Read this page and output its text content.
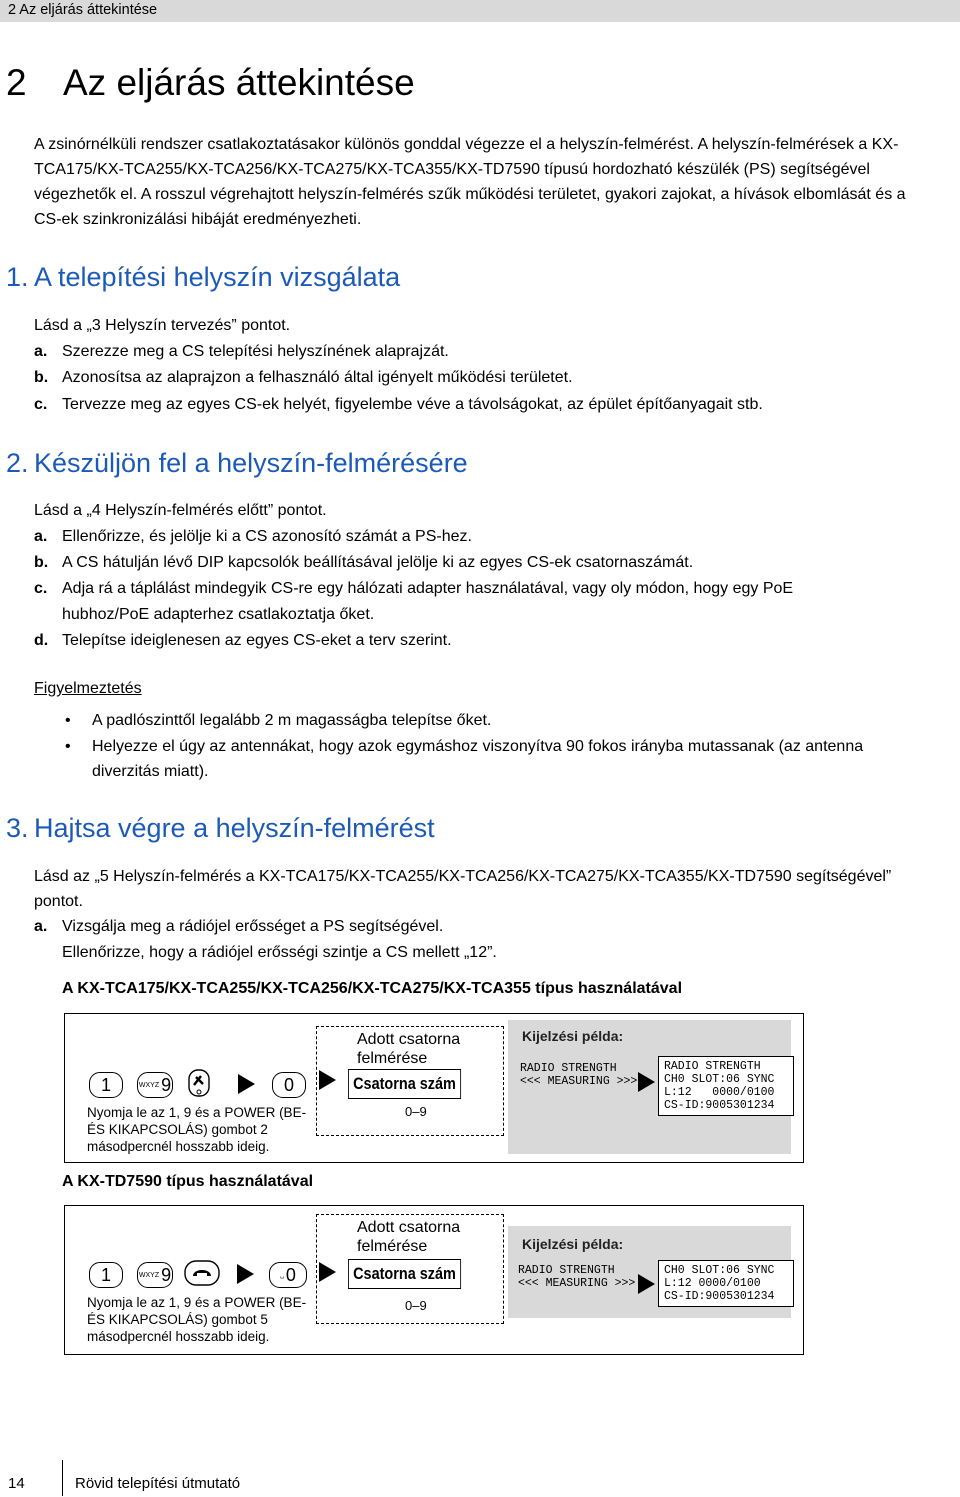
2 Az eljárás áttekintése
2 Az eljárás áttekintése
A zsinórnélküli rendszer csatlakoztatásakor különös gonddal végezze el a helyszín-felmérést. A helyszín-felmérések a KX-TCA175/KX-TCA255/KX-TCA256/KX-TCA275/KX-TCA355/KX-TD7590 típusú hordozható készülék (PS) segítségével végezhetők el. A rosszul végrehajtott helyszín-felmérés szűk működési területet, gyakori zajokat, a hívások elbomlását és a CS-ek szinkronizálási hibáját eredményezheti.
1. A telepítési helyszín vizsgálata
Lásd a „3 Helyszín tervezés” pontot.
a. Szerezze meg a CS telepítési helyszínének alaprajzát.
b. Azonosítsa az alaprajzon a felhasználó által igényelt működési területet.
c. Tervezze meg az egyes CS-ek helyét, figyelembe véve a távolságokat, az épület építőanyagait stb.
2. Készüljön fel a helyszín-felmérésére
Lásd a „4 Helyszín-felmérés előtt” pontot.
a. Ellenőrizze, és jelölje ki a CS azonosító számát a PS-hez.
b. A CS hátulján lévő DIP kapcsolók beállításával jelölje ki az egyes CS-ek csatornaszámát.
c. Adja rá a táplálást mindegyik CS-re egy hálózati adapter használatával, vagy oly módon, hogy egy PoE
hubhoz/PoE adapterhez csatlakoztatja őket.
d. Telepítse ideiglenesen az egyes CS-eket a terv szerint.
Figyelmeztetés
• A padlószinttől legalább 2 m magasságba telepítse őket.
• Helyezze el úgy az antennákat, hogy azok egymáshoz viszonyítva 90 fokos irányba mutassanak (az antenna diverzitás miatt).
3. Hajtsa végre a helyszín-felmérést
Lásd az „5 Helyszín-felmérés a KX-TCA175/KX-TCA255/KX-TCA256/KX-TCA275/KX-TCA355/KX-TD7590 segítségével” pontot.
a. Vizsgálja meg a rádiójel erősséget a PS segítségével.
Ellenőrizze, hogy a rádiójel erősségi szintje a CS mellett „12”.
A KX-TCA175/KX-TCA255/KX-TCA256/KX-TCA275/KX-TCA355 típus használatával
1	WXYZ 9	0
Nyomja le az 1, 9 és a POWER (BE- ÉS KIKAPCSOLÁS) gombot 2 másodpercnél hosszabb ideig.
Adott csatorna felmérése
Csatorna szám
0–9
Kijelzési példa:
RADIO STRENGTH
<<< MEASURING >>>
RADIO STRENGTH
CH0 SLOT:06 SYNC
L:12   0000/0100
CS-ID:9005301234
A KX-TD7590 típus használatával
1	WXYZ 9	␣ 0
Nyomja le az 1, 9 és a POWER (BE- ÉS KIKAPCSOLÁS) gombot 5 másodpercnél hosszabb ideig.
Adott csatorna felmérése
Csatorna szám
0–9
Kijelzési példa:
RADIO STRENGTH
<<< MEASURING >>>
CH0 SLOT:06 SYNC
L:12 0000/0100
CS-ID:9005301234
14	Rövid telepítési útmutató
